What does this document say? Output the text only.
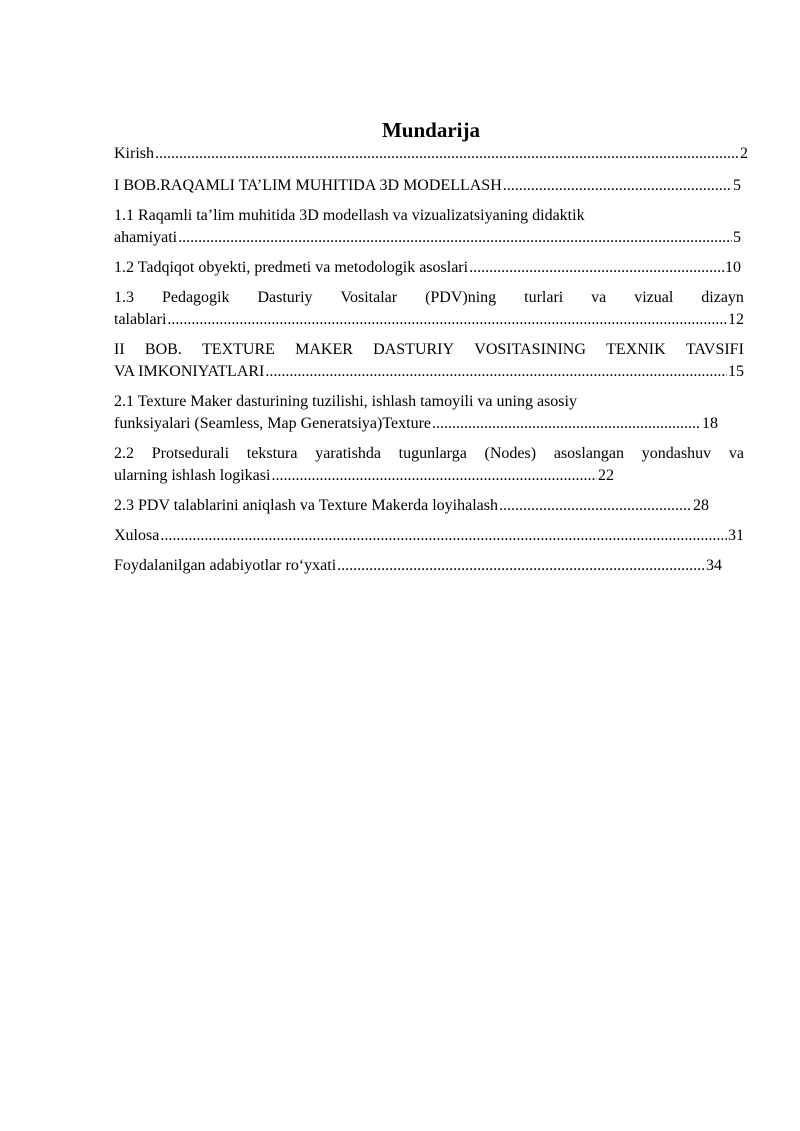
Mundarija
Kirish .....	2
I BOB.RAQAMLI TA’LIM MUHITIDA 3D MODELLASH .....	5
1.1 Raqamli ta’lim muhitida 3D modellash va vizualizatsiyaning didaktik
ahamiyati .....	5
1.2 Tadqiqot obyekti, predmeti va metodologik asoslari .....	10
1.3 Pedagogik Dasturiy Vositalar (PDV)ning turlari va vizual dizayn
talablari .....	12
II BOB. TEXTURE MAKER DASTURIY VOSITASINING TEXNIK TAVSIFI
VA IMKONIYATLARI .....	15
2.1 Texture Maker dasturining tuzilishi, ishlash tamoyili va uning asosiy
funksiyalari (Seamless, Map Generatsiya)Texture .....	18
2.2 Protsedurali tekstura yaratishda tugunlarga (Nodes) asoslangan yondashuv va
ularning ishlash logikasi .....	22
2.3 PDV talablarini aniqlash va Texture Makerda loyihalash .....	28
Xulosa .....	31
Foydalanilgan adabiyotlar ro‘yxati .....	34
